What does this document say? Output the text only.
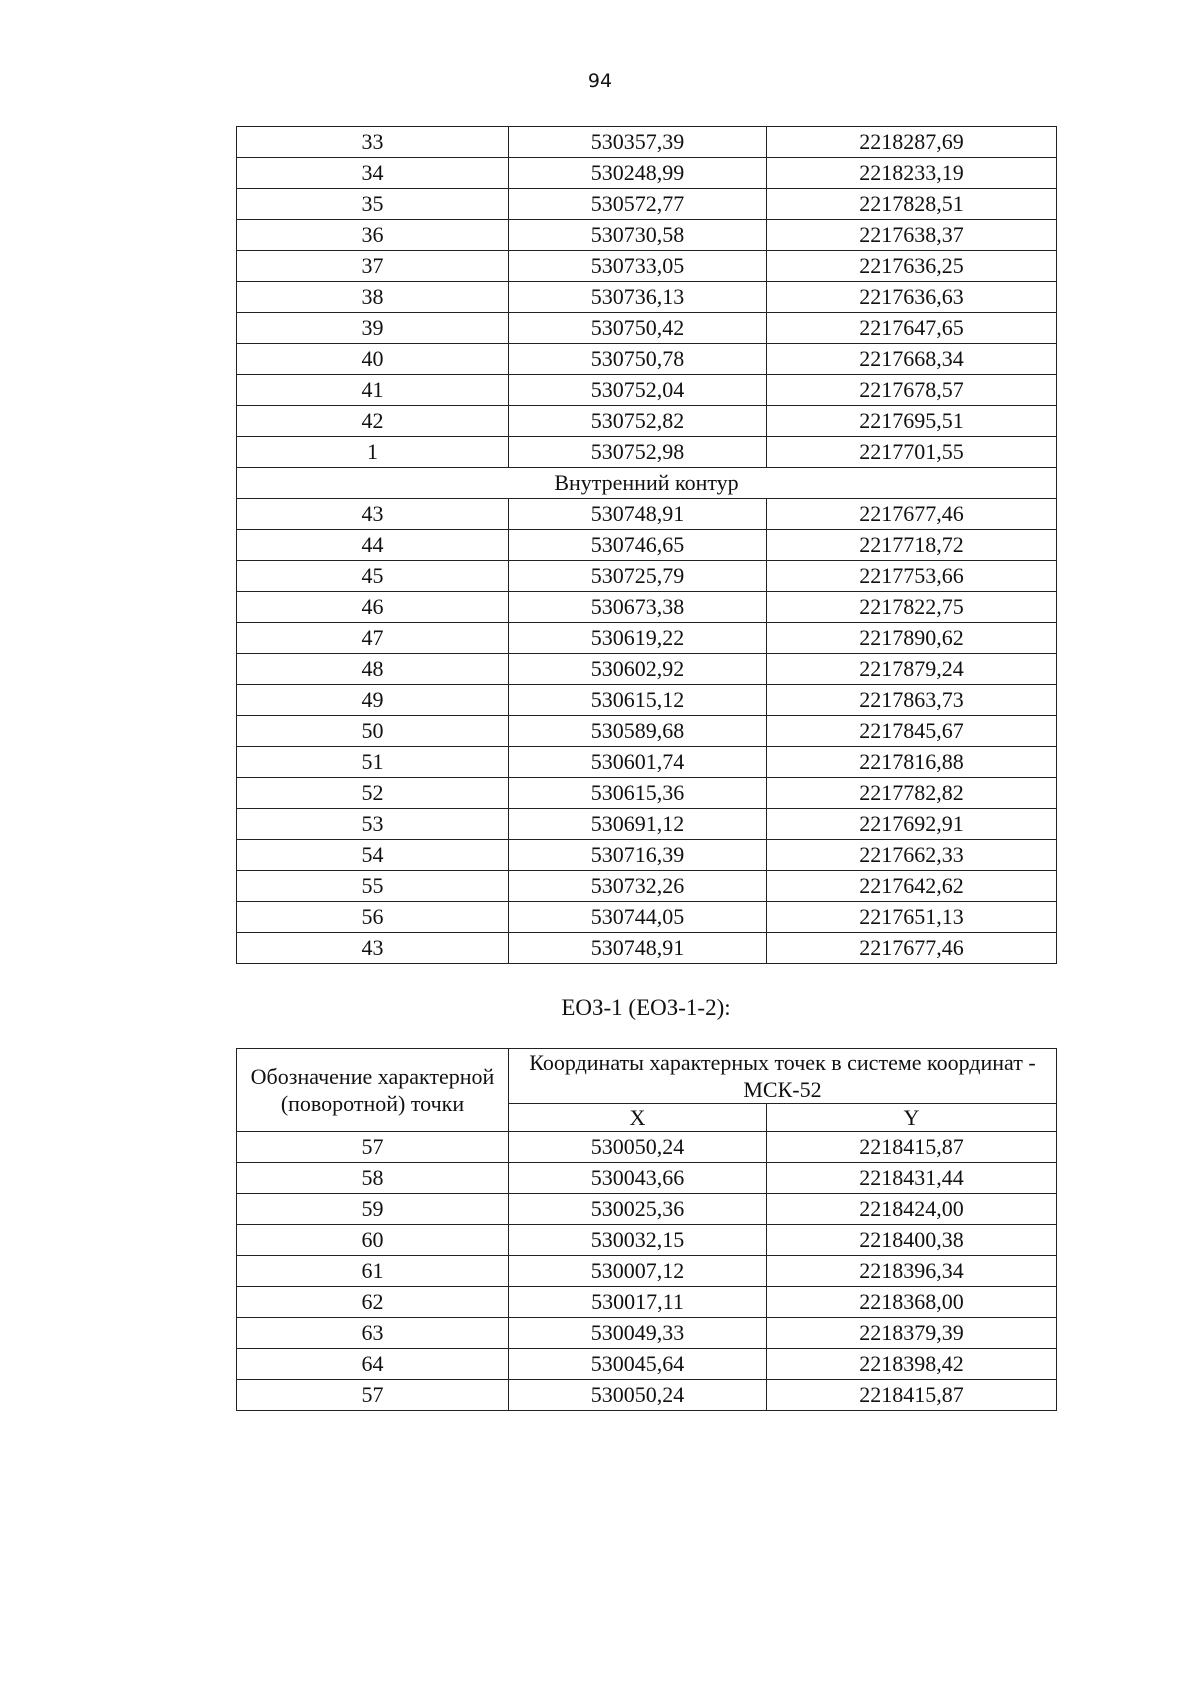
94
33	530357,39	2218287,69
34	530248,99	2218233,19
35	530572,77	2217828,51
36	530730,58	2217638,37
37	530733,05	2217636,25
38	530736,13	2217636,63
39	530750,42	2217647,65
40	530750,78	2217668,34
41	530752,04	2217678,57
42	530752,82	2217695,51
1	530752,98	2217701,55
Внутренний контур		
43	530748,91	2217677,46
44	530746,65	2217718,72
45	530725,79	2217753,66
46	530673,38	2217822,75
47	530619,22	2217890,62
48	530602,92	2217879,24
49	530615,12	2217863,73
50	530589,68	2217845,67
51	530601,74	2217816,88
52	530615,36	2217782,82
53	530691,12	2217692,91
54	530716,39	2217662,33
55	530732,26	2217642,62
56	530744,05	2217651,13
43	530748,91	2217677,46
ЕОЗ-1 (ЕОЗ-1-2):
Обозначение характерной (поворотной) точки	Координаты характерных точек в системе координат - МСК-52	
	X	Y
57	530050,24	2218415,87
58	530043,66	2218431,44
59	530025,36	2218424,00
60	530032,15	2218400,38
61	530007,12	2218396,34
62	530017,11	2218368,00
63	530049,33	2218379,39
64	530045,64	2218398,42
57	530050,24	2218415,87
